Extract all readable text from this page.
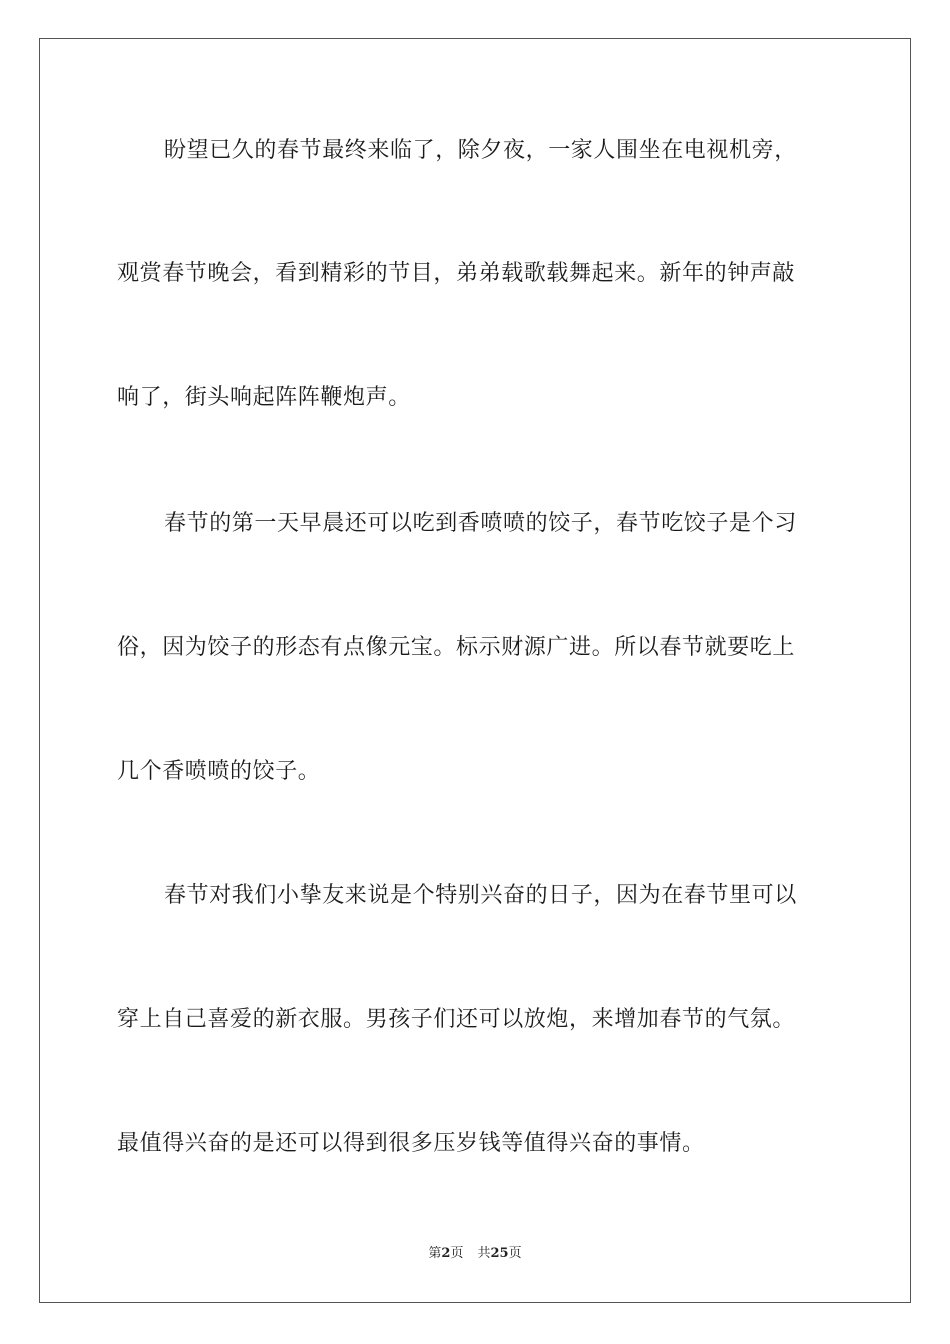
盼望已久的春节最终来临了，除夕夜，一家人围坐在电视机旁，
观赏春节晚会，看到精彩的节目，弟弟载歌载舞起来。新年的钟声敲
响了，街头响起阵阵鞭炮声。
春节的第一天早晨还可以吃到香喷喷的饺子，春节吃饺子是个习
俗，因为饺子的形态有点像元宝。标示财源广进。所以春节就要吃上
几个香喷喷的饺子。
春节对我们小挚友来说是个特别兴奋的日子，因为在春节里可以
穿上自己喜爱的新衣服。男孩子们还可以放炮，来增加春节的气氛。
最值得兴奋的是还可以得到很多压岁钱等值得兴奋的事情。
第2页 共25页
